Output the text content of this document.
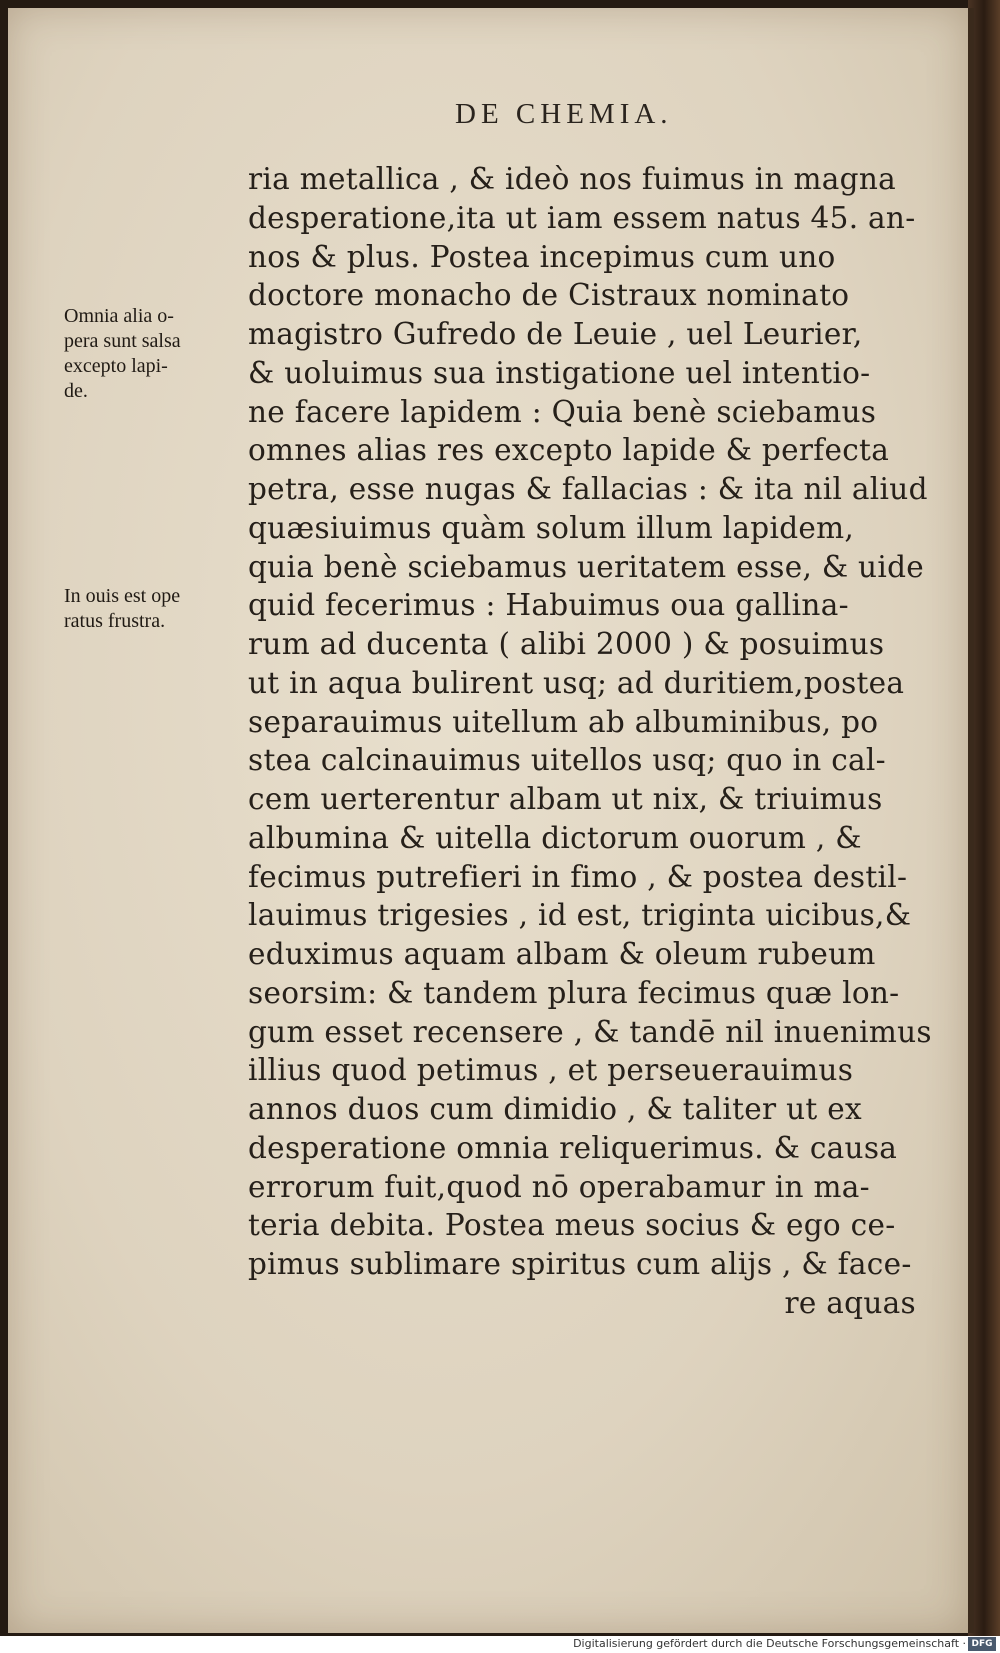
DE CHEMIA.
ria metallica , & ideò nos fuimus in magna
desperatione,ita ut iam essem natus 45. an-
nos & plus. Postea incepimus cum uno
doctore monacho de Cistraux nominato
magistro Gufredo de Leuie , uel Leurier,
& uoluimus sua instigatione uel intentio-
ne facere lapidem : Quia benè sciebamus
omnes alias res excepto lapide & perfecta
petra, esse nugas & fallacias : & ita nil aliud
quæsiuimus quàm solum illum lapidem,
quia benè sciebamus ueritatem esse, & uide
quid fecerimus : Habuimus oua gallina-
rum ad ducenta ( alibi 2000 ) & posuimus
ut in aqua bulirent usq; ad duritiem,postea
separauimus uitellum ab albuminibus, po
stea calcinauimus uitellos usq; quo in cal-
cem uerterentur albam ut nix, & triuimus
albumina & uitella dictorum ouorum , &
fecimus putrefieri in fimo , & postea destil-
lauimus trigesies , id est, triginta uicibus,&
eduximus aquam albam & oleum rubeum
seorsim: & tandem plura fecimus quæ lon-
gum esset recensere , & tandē nil inuenimus
illius quod petimus , et perseuerauimus
annos duos cum dimidio , & taliter ut ex
desperatione omnia reliquerimus. & causa
errorum fuit,quod nō operabamur in ma-
teria debita. Postea meus socius & ego ce-
pimus sublimare spiritus cum alijs , & face-
re aquas
Omnia alia o-
pera sunt salsa
excepto lapi-
de.
In ouis est ope
ratus frustra.
Digitalisierung gefördert durch die Deutsche Forschungsgemeinschaft · DFG
